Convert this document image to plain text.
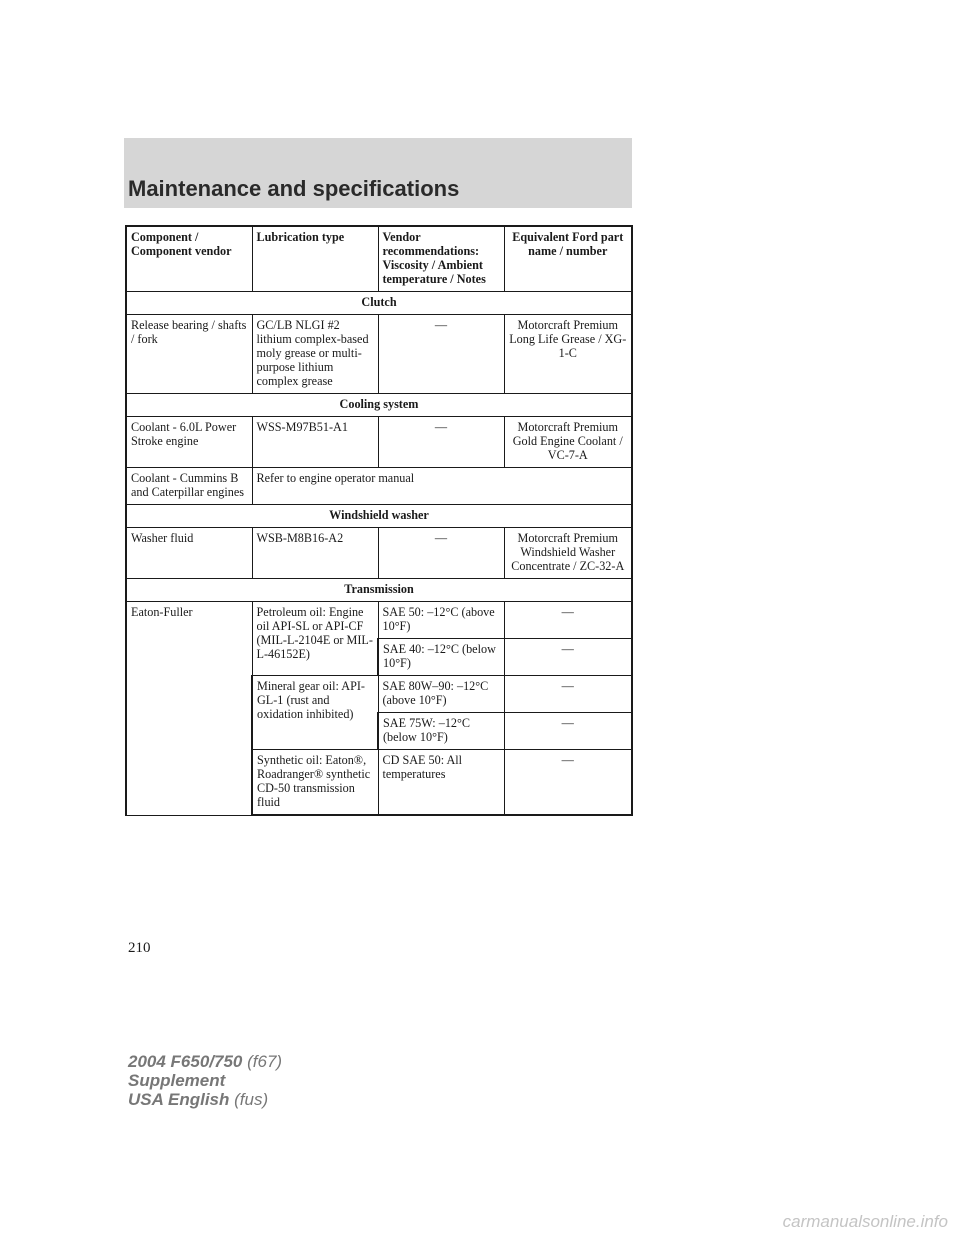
Maintenance and specifications
Component / Component vendor	Lubrication type	Vendor recommendations: Viscosity / Ambient temperature / Notes	Equivalent Ford part name / number
Clutch			
Release bearing / shafts / fork	GC/LB NLGI #2 lithium complex-based moly grease or multi-purpose lithium complex grease	—	Motorcraft Premium Long Life Grease / XG-1-C
Cooling system			
Coolant - 6.0L Power Stroke engine	WSS-M97B51-A1	—	Motorcraft Premium Gold Engine Coolant / VC-7-A
Coolant - Cummins B and Caterpillar engines	Refer to engine operator manual		
Windshield washer			
Washer fluid	WSB-M8B16-A2	—	Motorcraft Premium Windshield Washer Concentrate / ZC-32-A
Transmission			
Eaton-Fuller	Petroleum oil: Engine oil API-SL or API-CF (MIL-L-2104E or MIL-L-46152E)	SAE 50: –12°C (above 10°F)	—
		SAE 40: –12°C (below 10°F)	—
	Mineral gear oil: API-GL-1 (rust and oxidation inhibited)	SAE 80W–90: –12°C (above 10°F)	—
		SAE 75W: –12°C (below 10°F)	—
	Synthetic oil: Eaton®, Roadranger® synthetic CD-50 transmission fluid	CD SAE 50: All temperatures	—
210
2004 F650/750 (f67)
Supplement
USA English (fus)
carmanualsonline.info
